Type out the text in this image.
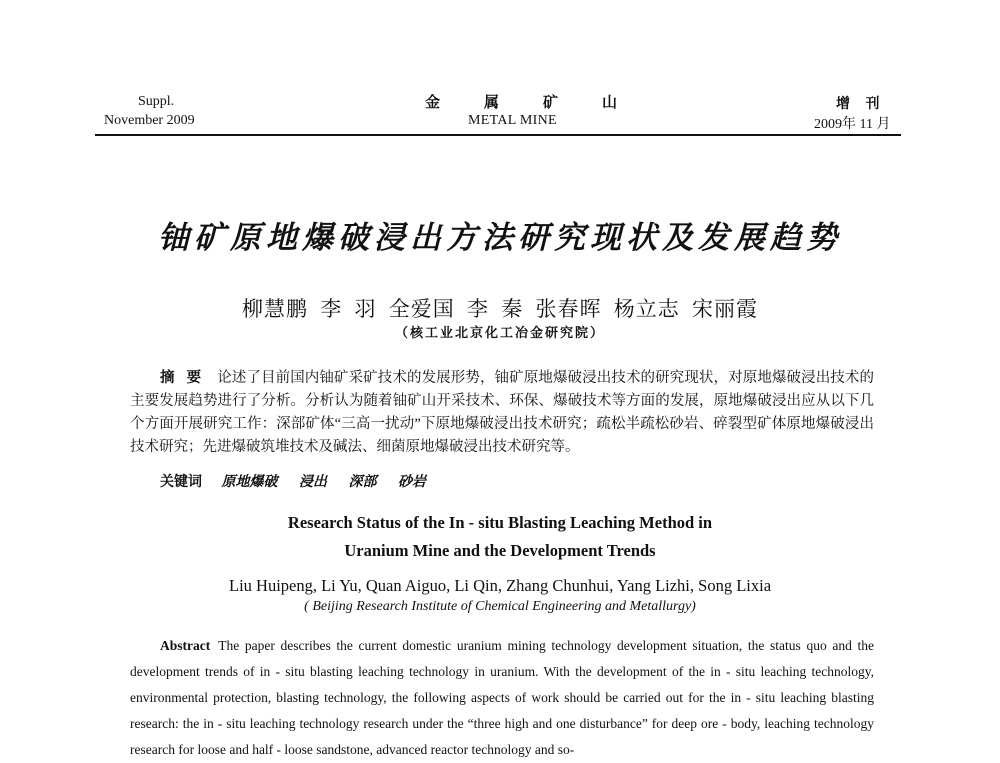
Suppl.
November 2009
金属矿山
METAL MINE
增 刊
2009年 11 月
铀矿原地爆破浸出方法研究现状及发展趋势
柳慧鹏 李 羽 全爱国 李 秦 张春晖 杨立志 宋丽霞
（核工业北京化工冶金研究院）
摘要 论述了目前国内铀矿采矿技术的发展形势，铀矿原地爆破浸出技术的研究现状，对原地爆破浸出技术的主要发展趋势进行了分析。分析认为随着铀矿山开采技术、环保、爆破技术等方面的发展，原地爆破浸出应从以下几个方面开展研究工作：深部矿体“三高一扰动”下原地爆破浸出技术研究；疏松半疏松砂岩、碎裂型矿体原地爆破浸出技术研究；先进爆破筑堆技术及碱法、细菌原地爆破浸出技术研究等。
关键词 原地爆破 浸出 深部 砂岩
Research Status of the In - situ Blasting Leaching Method in
Uranium Mine and the Development Trends
Liu Huipeng, Li Yu, Quan Aiguo, Li Qin, Zhang Chunhui, Yang Lizhi, Song Lixia
( Beijing Research Institute of Chemical Engineering and Metallurgy)
Abstract The paper describes the current domestic uranium mining technology development situation, the status quo and the development trends of in - situ blasting leaching technology in uranium. With the development of the in - situ leaching technology, environmental protection, blasting technology, the following aspects of work should be carried out for the in - situ leaching blasting research: the in - situ leaching technology research under the “three high and one disturbance” for deep ore - body, leaching technology research for loose and half - loose sandstone, advanced reactor technology and so-
